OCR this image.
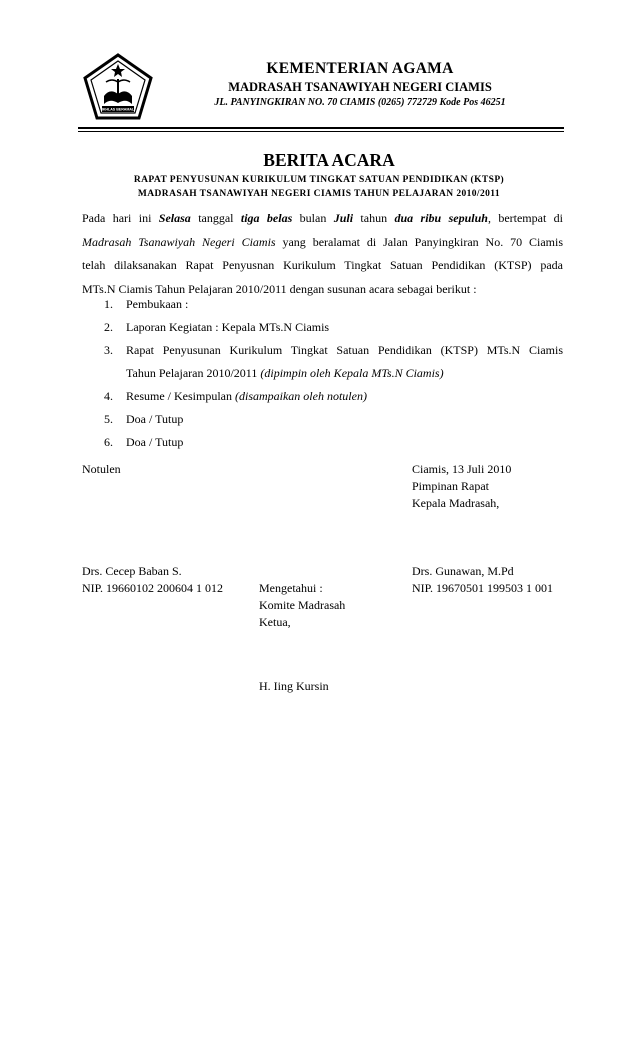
IKHLAS BERAMAL
KEMENTERIAN AGAMA
MADRASAH TSANAWIYAH NEGERI CIAMIS
JL. PANYINGKIRAN NO. 70 CIAMIS (0265) 772729 Kode Pos 46251
BERITA ACARA
RAPAT PENYUSUNAN KURIKULUM TINGKAT SATUAN PENDIDIKAN (KTSP)
MADRASAH TSANAWIYAH NEGERI CIAMIS TAHUN PELAJARAN 2010/2011
Pada hari ini Selasa tanggal tiga belas bulan Juli tahun dua ribu sepuluh, bertempat di
Madrasah Tsanawiyah Negeri Ciamis yang beralamat di Jalan Panyingkiran No. 70 Ciamis
telah dilaksanakan Rapat Penyusnan Kurikulum Tingkat Satuan Pendidikan (KTSP) pada
MTs.N Ciamis Tahun Pelajaran 2010/2011 dengan susunan acara sebagai berikut :
1. Pembukaan :
2. Laporan Kegiatan : Kepala MTs.N Ciamis
3. Rapat Penyusunan Kurikulum Tingkat Satuan Pendidikan (KTSP) MTs.N Ciamis
Tahun Pelajaran 2010/2011 (dipimpin oleh Kepala MTs.N Ciamis)
4. Resume / Kesimpulan (disampaikan oleh notulen)
5. Doa / Tutup
6. Doa / Tutup
Notulen
Drs. Cecep Baban S.
NIP. 19660102 200604 1 012
Ciamis, 13 Juli 2010
Pimpinan Rapat
Kepala Madrasah,
Drs. Gunawan, M.Pd
NIP. 19670501 199503 1 001
Mengetahui :
Komite Madrasah
Ketua,
H. Iing Kursin
